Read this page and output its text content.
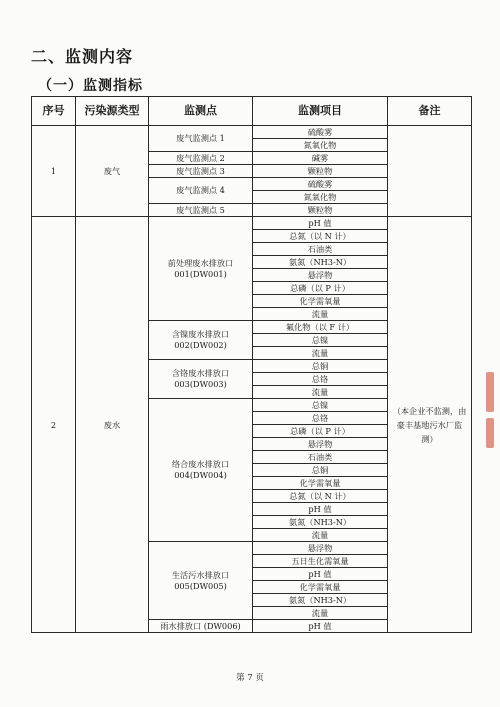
二、监测内容
（一）监测指标
序号	污染源类型	监测点	监测项目	备注
1	废气	废气监测点 1	硫酸雾	
			氮氧化物	
		废气监测点 2	碱雾	
		废气监测点 3	颗粒物	
		废气监测点 4	硫酸雾	
			氮氧化物	
		废气监测点 5	颗粒物	
2	废水	前处理废水排放口 001(DW001)	pH 值	（本企业不监测，由豪丰基地污水厂监测）
			总氮（以 N 计）	
			石油类	
			氨氮（NH3-N）	
			悬浮物	
			总磷（以 P 计）	
			化学需氧量	
			流量	
		含镍废水排放口 002(DW002)	氟化物（以 F 计）	
			总镍	
			流量	
		含铬废水排放口 003(DW003)	总铜	
			总铬	
			流量	
		络合废水排放口 004(DW004)	总镍	
			总铬	
			总磷（以 P 计）	
			悬浮物	
			石油类	
			总铜	
			化学需氧量	
			总氮（以 N 计）	
			pH 值	
			氨氮（NH3-N）	
			流量	
		生活污水排放口 005(DW005)	悬浮物	
			五日生化需氧量	
			pH 值	
			化学需氧量	
			氨氮（NH3-N）	
			流量	
		雨水排放口 (DW006)	pH 值	
第 7 页
